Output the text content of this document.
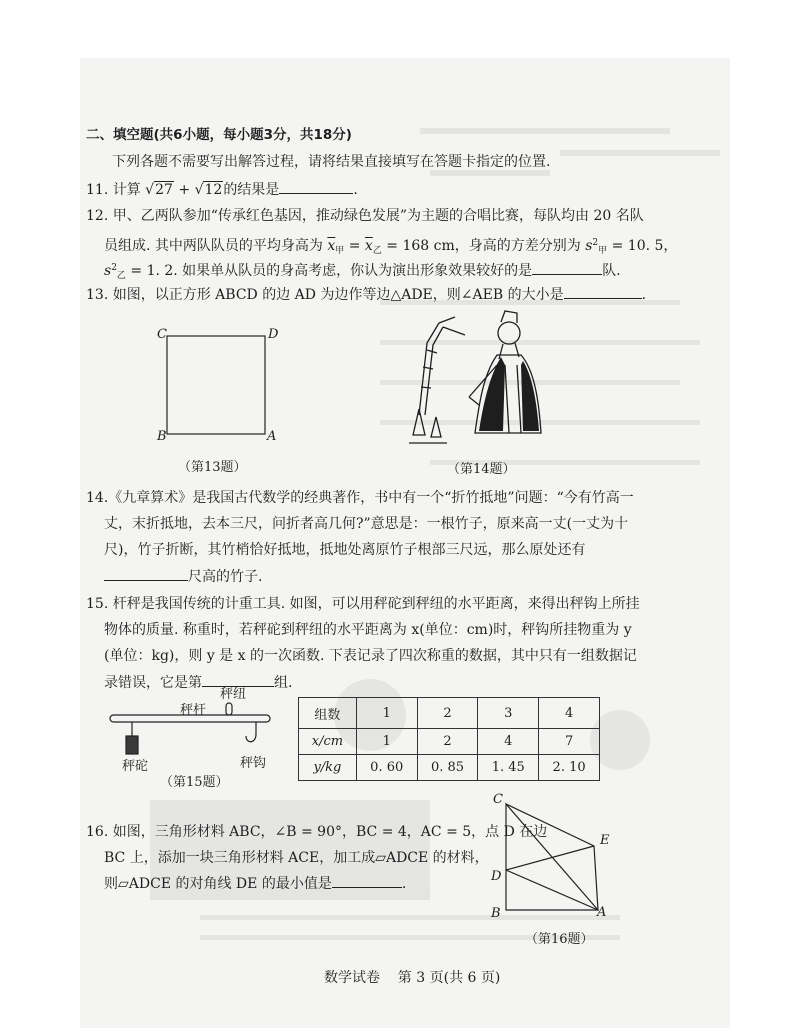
二、填空题(共6小题，每小题3分，共18分)
下列各题不需要写出解答过程，请将结果直接填写在答题卡指定的位置.
11. 计算 √27 + √12的结果是	.
12. 甲、乙两队参加“传承红色基因，推动绿色发展”为主题的合唱比赛，每队均由 20 名队
员组成. 其中两队队员的平均身高为 $\overline{x}_甲 = \overline{x}_乙 = 168$ cm，身高的方差分别为 $s^2_甲 = 10$. 5，
$s^2_乙 = 1$. 2. 如果单从队员的身高考虑，你认为演出形象效果较好的是	队.
13. 如图，以正方形 ABCD 的边 AD 为边作等边△ADE，则∠AEB 的大小是	.
C	D
B	A
（第13题）	（第14题）
14.《九章算术》是我国古代数学的经典著作，书中有一个“折竹抵地”问题：“今有竹高一
丈，末折抵地，去本三尺，问折者高几何?”意思是：一根竹子，原来高一丈(一丈为十
尺)，竹子折断，其竹梢恰好抵地，抵地处离原竹子根部三尺远，那么原处还有
尺高的竹子.
15. 杆秤是我国传统的计重工具. 如图，可以用秤砣到秤纽的水平距离，来得出秤钩上所挂
物体的质量. 称重时，若秤砣到秤纽的水平距离为 x(单位：cm)时，秤钩所挂物重为 y
(单位：kg)，则 y 是 x 的一次函数. 下表记录了四次称重的数据，其中只有一组数据记
录错误，它是第	组.
秤纽
秤杆
秤砣	秤钩
（第15题）
组数	1	2	3	4
x/cm	1	2	4	7
y/kg	0. 60	0. 85	1. 45	2. 10
16. 如图，三角形材料 ABC，∠B = 90°，BC = 4，AC = 5，点 D 在边
BC 上，添加一块三角形材料 ACE，加工成▱ADCE 的材料，
则▱ADCE 的对角线 DE 的最小值是	.
C
E
D
B	A
（第16题）
数学试卷    第 3 页(共 6 页)
